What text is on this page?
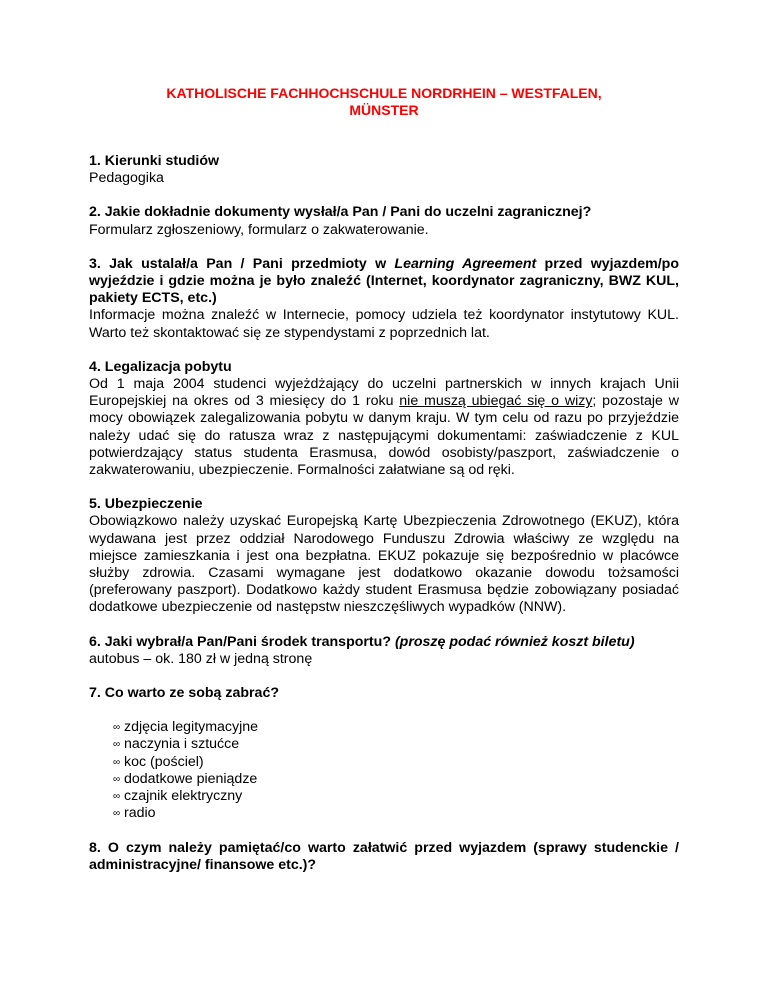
KATHOLISCHE FACHHOCHSCHULE NORDRHEIN – WESTFALEN,
MÜNSTER
1. Kierunki studiów
Pedagogika
2. Jakie dokładnie dokumenty wysłał/a Pan / Pani do uczelni zagranicznej?
Formularz zgłoszeniowy, formularz o zakwaterowanie.
3. Jak ustalał/a Pan / Pani przedmioty w Learning Agreement przed wyjazdem/po wyjeździe i gdzie można je było znaleźć (Internet, koordynator zagraniczny, BWZ KUL, pakiety ECTS, etc.)
Informacje można znaleźć w Internecie, pomocy udziela też koordynator instytutowy KUL. Warto też skontaktować się ze stypendystami z poprzednich lat.
4. Legalizacja pobytu
Od 1 maja 2004 studenci wyjeżdżający do uczelni partnerskich w innych krajach Unii Europejskiej na okres od 3 miesięcy do 1 roku nie muszą ubiegać się o wizy; pozostaje w mocy obowiązek zalegalizowania pobytu w danym kraju. W tym celu od razu po przyjeździe należy udać się do ratusza wraz z następującymi dokumentami: zaświadczenie z KUL potwierdzający status studenta Erasmusa, dowód osobisty/paszport, zaświadczenie o zakwaterowaniu, ubezpieczenie. Formalności załatwiane są od ręki.
5. Ubezpieczenie
Obowiązkowo należy uzyskać Europejską Kartę Ubezpieczenia Zdrowotnego (EKUZ), która wydawana jest przez oddział Narodowego Funduszu Zdrowia właściwy ze względu na miejsce zamieszkania i jest ona bezpłatna. EKUZ pokazuje się bezpośrednio w placówce służby zdrowia. Czasami wymagane jest dodatkowo okazanie dowodu tożsamości (preferowany paszport). Dodatkowo każdy student Erasmusa będzie zobowiązany posiadać dodatkowe ubezpieczenie od następstw nieszczęśliwych wypadków (NNW).
6. Jaki wybrał/a Pan/Pani środek transportu? (proszę podać również koszt biletu)
autobus – ok. 180 zł w jedną stronę
7. Co warto ze sobą zabrać?
∞ zdjęcia legitymacyjne
∞ naczynia i sztućce
∞ koc (pościel)
∞ dodatkowe pieniądze
∞ czajnik elektryczny
∞ radio
8. O czym należy pamiętać/co warto załatwić przed wyjazdem (sprawy studenckie / administracyjne/ finansowe etc.)?
